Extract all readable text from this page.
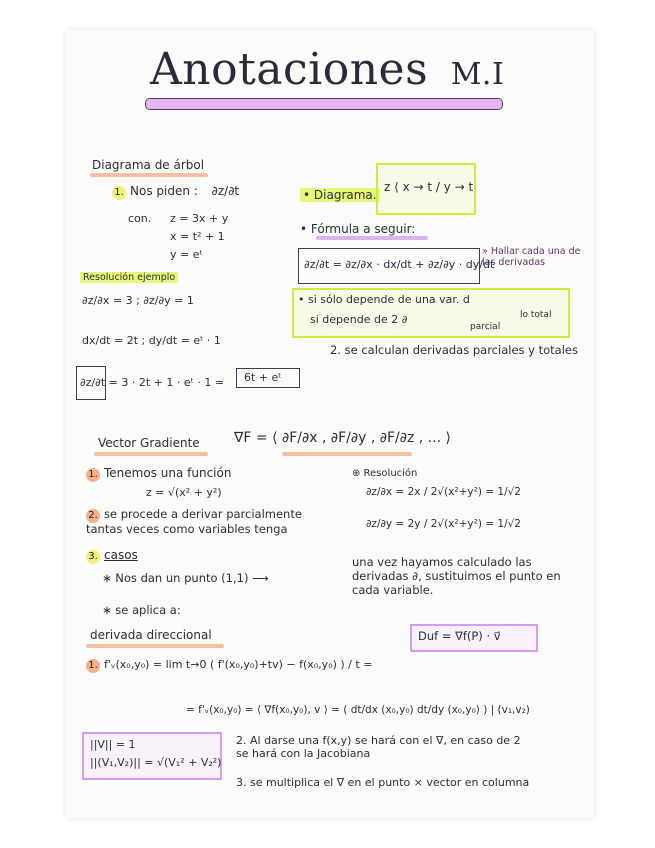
Anotaciones M.I
Diagrama de árbol
1. Nos piden : ∂z/∂t
con. z = 3x + y
x = t² + 1
y = eᵗ
• Diagrama.
z ⟨ x → t / y → t
• Fórmula a seguir:
∂z/∂t = ∂z/∂x · dx/dt + ∂z/∂y · dy/dt
» Hallar cada una de las derivadas
Resolución ejemplo
∂z/∂x = 3 ; ∂z/∂y = 1
dx/dt = 2t ; dy/dt = eᵗ · 1
∂z/∂t = 3 · 2t + 1 · eᵗ · 1 = 6t + eᵗ
• si sólo depende de una var. d
lo total
si depende de 2 ∂
parcial
2. se calculan derivadas parciales y totales
Vector Gradiente ∇F = ⟨ ∂F/∂x , ∂F/∂y , ∂F/∂z , ... ⟩
1. Tenemos una función
z = √(x² + y²)
2. se procede a derivar parcialmente tantas veces como variables tenga
3. casos
∗ Nos dan un punto (1,1) ⟶
una vez hayamos calculado las derivadas ∂, sustituimos el punto en cada variable.
∗ se aplica a:
⊕ Resolución
∂z/∂x = 2x / 2√(x²+y²) = 1/√2
∂z/∂y = 2y / 2√(x²+y²) = 1/√2
derivada direccional	Duf = ∇f(P) · v⃗
1. f'ᵥ(x₀,y₀) = lim t→0 ( f'(x₀,y₀)+tv) − f(x₀,y₀) ) / t =
= f'ᵥ(x₀,y₀) = ⟨ ∇f(x₀,y₀), v ⟩ = ( dt/dx (x₀,y₀) dt/dy (x₀,y₀) ) | (v₁,v₂)
||V|| = 1
||(V₁,V₂)|| = √(V₁² + V₂²)
2. Al darse una f(x,y) se hará con el ∇, en caso de 2 se hará con la Jacobiana
3. se multiplica el ∇ en el punto × vector en columna
